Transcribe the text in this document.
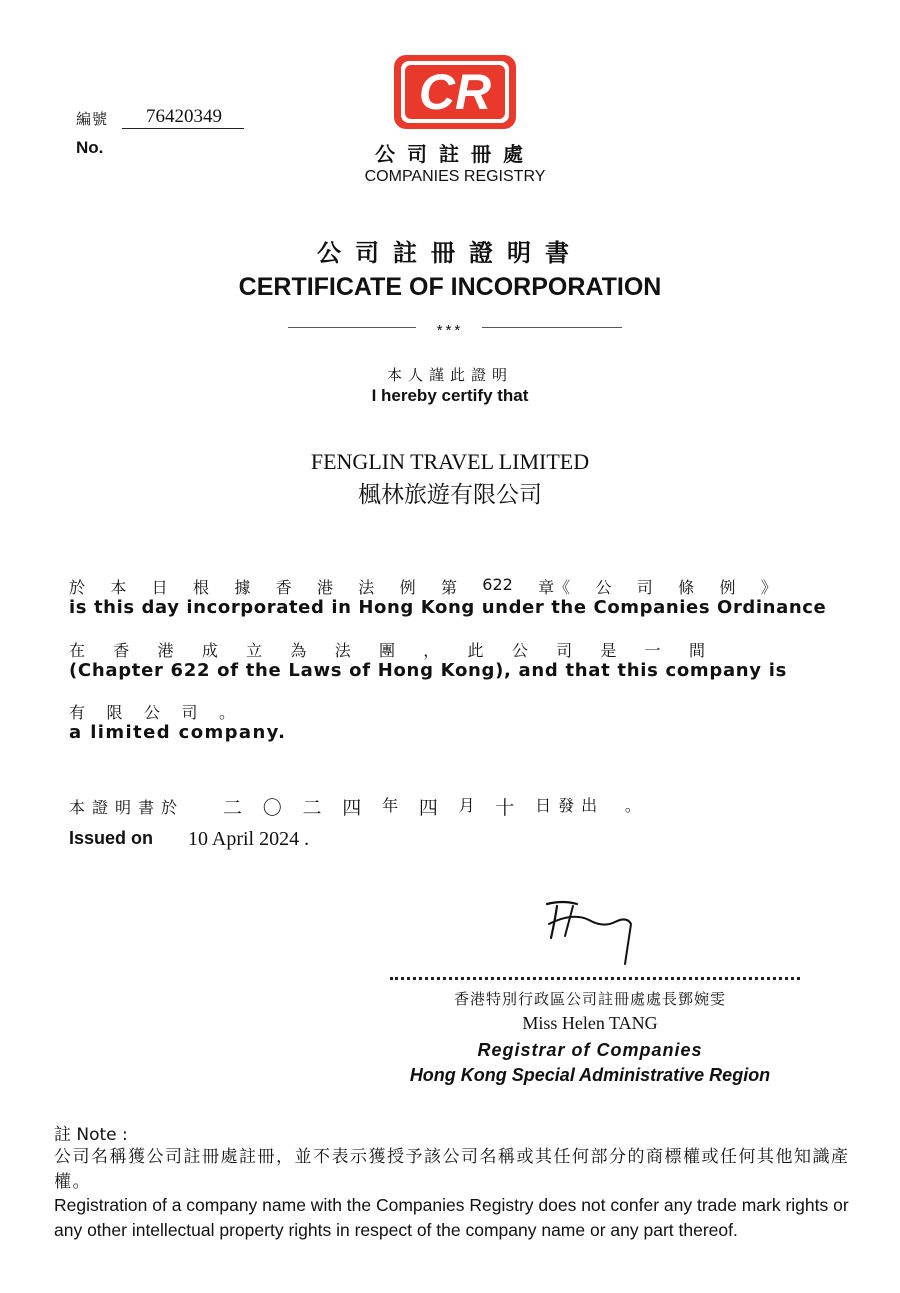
編號
No.
76420349	CR
公司註冊處
COMPANIES REGISTRY
公司註冊證明書
CERTIFICATE OF INCORPORATION
***
本人謹此證明
I hereby certify that
FENGLIN TRAVEL LIMITED
楓林旅遊有限公司
於 本 日 根 據 香 港 法 例 第 622 章《 公 司 條 例 》
is this day incorporated in Hong Kong under the Companies Ordinance
在 香 港 成 立 為 法 團 ， 此 公 司 是 一 間
(Chapter 622 of the Laws of Hong Kong), and that this company is
有 限 公 司 。
a limited company.
本證明書於 二 〇 二 四 年 四 月 十 日發出 。
Issued on 10 April 2024 .
香港特別行政區公司註冊處處長鄧婉雯
Miss Helen TANG
Registrar of Companies
Hong Kong Special Administrative Region
註 Note :
公司名稱獲公司註冊處註冊，並不表示獲授予該公司名稱或其任何部分的商標權或任何其他知識產權。
Registration of a company name with the Companies Registry does not confer any trade mark rights or any other intellectual property rights in respect of the company name or any part thereof.
